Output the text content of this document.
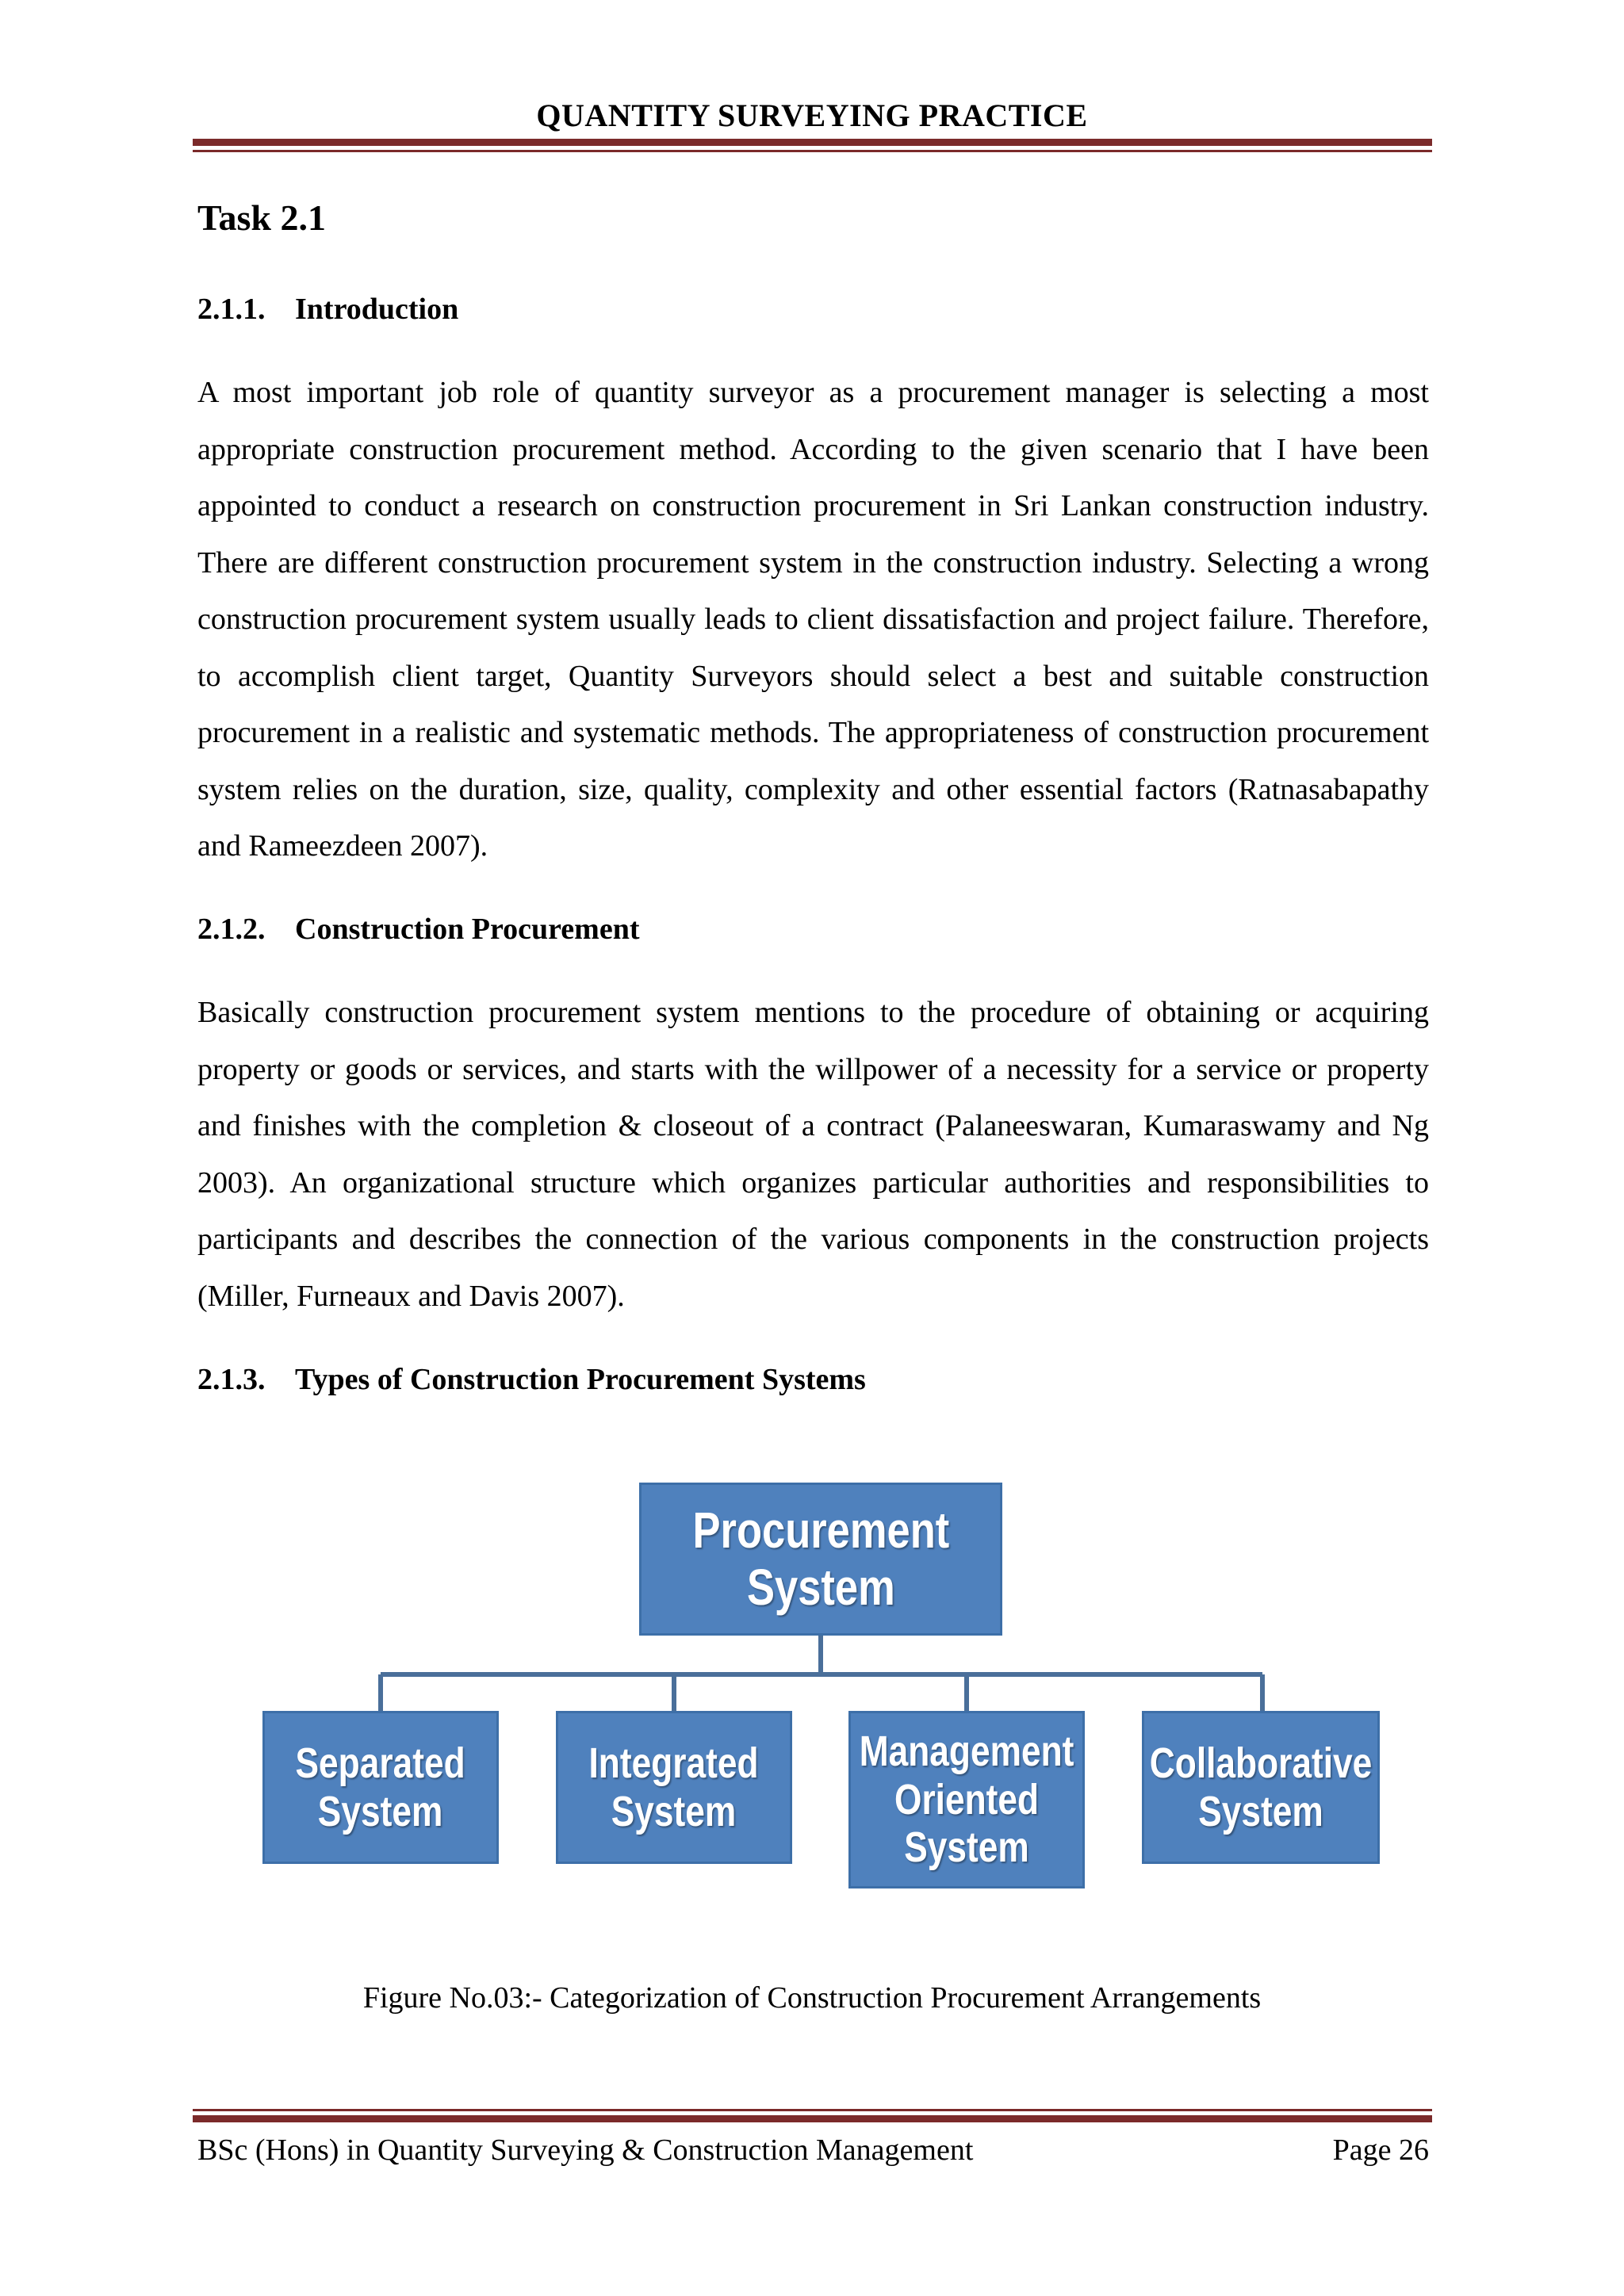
QUANTITY SURVEYING PRACTICE
Task 2.1
2.1.1. Introduction
A most important job role of quantity surveyor as a procurement manager is selecting a most appropriate construction procurement method. According to the given scenario that I have been appointed to conduct a research on construction procurement in Sri Lankan construction industry. There are different construction procurement system in the construction industry. Selecting a wrong construction procurement system usually leads to client dissatisfaction and project failure. Therefore, to accomplish client target, Quantity Surveyors should select a best and suitable construction procurement in a realistic and systematic methods. The appropriateness of construction procurement system relies on the duration, size, quality, complexity and other essential factors (Ratnasabapathy and Rameezdeen 2007).
2.1.2. Construction Procurement
Basically construction procurement system mentions to the procedure of obtaining or acquiring property or goods or services, and starts with the willpower of a necessity for a service or property and finishes with the completion & closeout of a contract (Palaneeswaran, Kumaraswamy and Ng 2003). An organizational structure which organizes particular authorities and responsibilities to participants and describes the connection of the various components in the construction projects (Miller, Furneaux and Davis 2007).
2.1.3. Types of Construction Procurement Systems
Procurement
System
Separated
System
Integrated
System
Management
Oriented
System
Collaborative
System
Figure No.03:- Categorization of Construction Procurement Arrangements
BSc (Hons) in Quantity Surveying & Construction Management	Page 26
